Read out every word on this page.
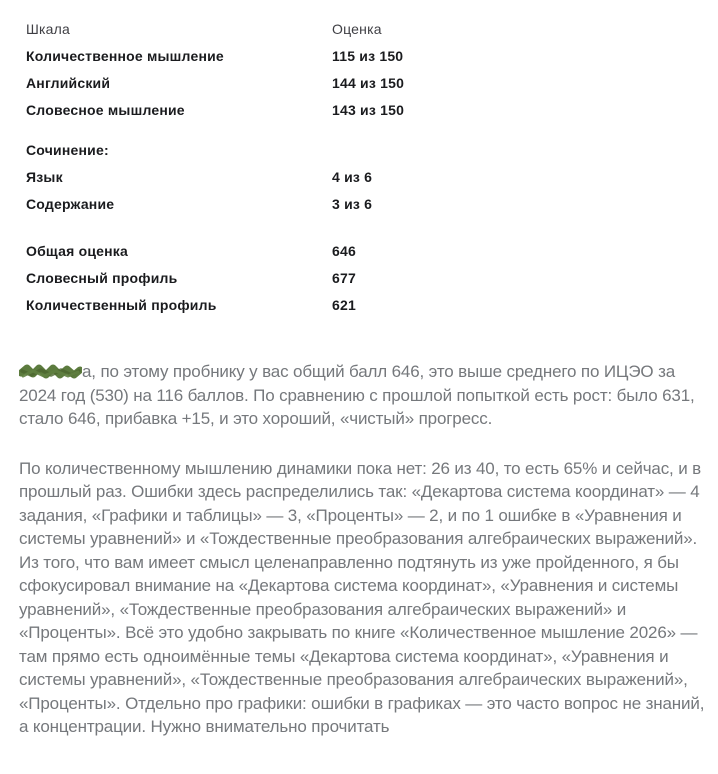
Шкала	Оценка
Количественное мышление	115 из 150
Английский	144 из 150
Словесное мышление	143 из 150
Сочинение:
Язык	4 из 6
Содержание	3 из 6
Общая оценка	646
Словесный профиль	677
Количественный профиль	621

а, по этому пробнику у вас общий балл 646, это выше среднего по ИЦЭО за 2024 год (530) на 116 баллов. По сравнению с прошлой попыткой есть рост: было 631, стало 646, прибавка +15, и это хороший, «чистый» прогресс.

По количественному мышлению динамики пока нет: 26 из 40, то есть 65% и сейчас, и в прошлый раз. Ошибки здесь распределились так: «Декартова система координат» — 4 задания, «Графики и таблицы» — 3, «Проценты» — 2, и по 1 ошибке в «Уравнения и системы уравнений» и «Тождественные преобразования алгебраических выражений». Из того, что вам имеет смысл целенаправленно подтянуть из уже пройденного, я бы сфокусировал внимание на «Декартова система координат», «Уравнения и системы уравнений», «Тождественные преобразования алгебраических выражений» и «Проценты». Всё это удобно закрывать по книге «Количественное мышление 2026» — там прямо есть одноимённые темы «Декартова система координат», «Уравнения и системы уравнений», «Тождественные преобразования алгебраических выражений», «Проценты». Отдельно про графики: ошибки в графиках — это часто вопрос не знаний, а концентрации. Нужно внимательно прочитать
